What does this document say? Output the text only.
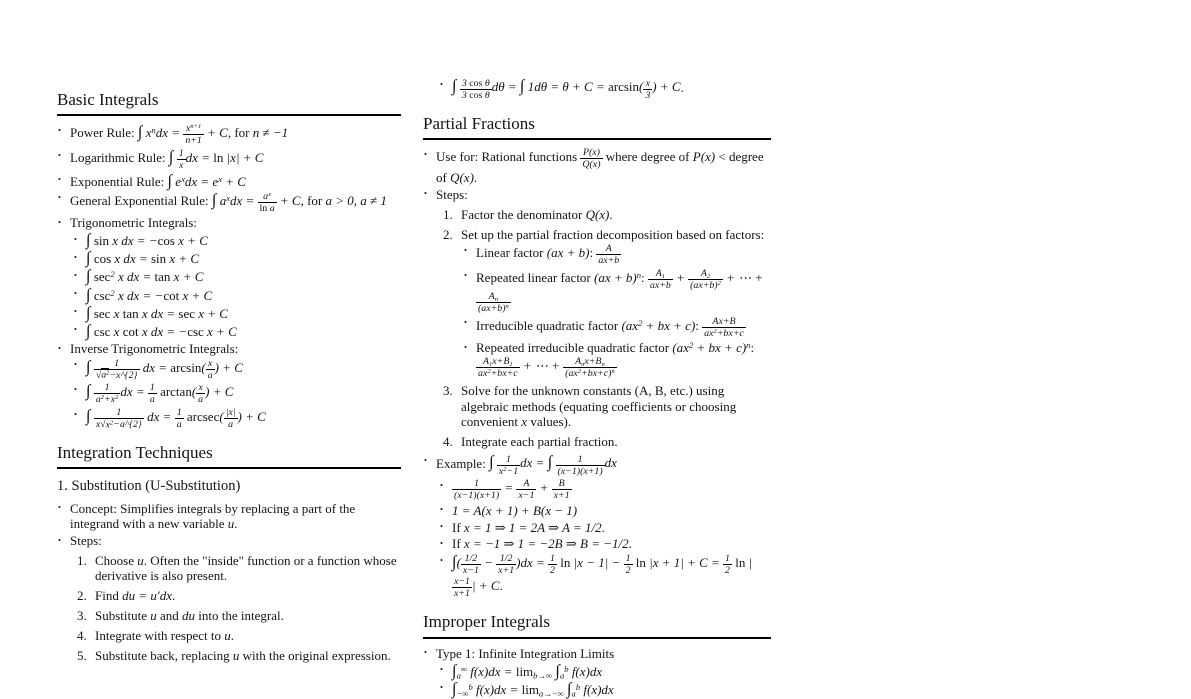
Basic Integrals
• Power Rule: ∫ $x^ndx = \frac{x^{n+1}}{n+1} + C$, for n ≠ −1
• Logarithmic Rule: ∫ $\frac{1}{x}$ dx = ln |x| + C
• Exponential Rule: ∫ $e^xdx = e^x + C$
• General Exponential Rule: ∫ $a^xdx = \frac{a^x}{\text{ln a}} + C$, for a > 0, a ≠ 1
• Trigonometric Integrals:
• ∫ sin x dx = −cos x + C
• ∫ cos x dx = sin x + C
• ∫ $\sec^2 x$ dx = tan x + C
• ∫ $\csc^2 x$ dx = −cot x + C
• ∫ sec x tan x dx = sec x + C
• ∫ csc x cot x dx = −csc x + C
• Inverse Trigonometric Integrals:
• ∫ $\frac{1}{√a^2-x\^{}\{2\}}$ dx = $\arcsin( \frac{x}{a}$ ) + C
• ∫ $\frac{1}{a^2+x^2}$ dx = $\frac{1}{a} \arctan( \frac{x}{a}$ ) + C
• ∫ $\frac{1}{x√x^2-a\^{}\{2\}}$ dx = $\frac{1}{a} arcsec( \frac{|x|}{a}$ ) + C
Integration Techniques
1. Substitution (U-Substitution)
• Concept: Simplifies integrals by replacing a part of the integrand with a new variable u.
• Steps:
Choose u. Often the "inside" function or a function whose derivative is also present.
Find du = u′dx.
Substitute u and du into the integral.
Integrate with respect to u.
Substitute back, replacing u with the original expression.
• ∫ $\frac{\text{3 cos θ}}{\text{3 cos θ}}$ dθ = ∫ $1d\theta = \theta + C = \arcsin( \frac{x}{3}$ ) + C.
Partial Fractions
• Use for: Rational functions $\frac{P(x)}{Q(x)}$ where degree of P(x) < degree of Q(x).
• Steps:
Factor the denominator Q(x).
Set up the partial fraction decomposition based on factors:
• Linear factor (ax + b): $\frac{A}{ax+b}$
• Repeated linear factor (ax + b)$^n$: $\frac{A_1}{ax+b} + \frac{A_2}{(ax+b)^2}$ + ⋯ +
$\frac{A_n}{(ax+b)^n}$
• Irreducible quadratic factor ($ax^2$ + bx + c): $\frac{Ax+B}{ax^2+bx+c}$
• Repeated irreducible quadratic factor ($ax^2$ + bx + c)$^n$:
$\frac{A_1x+B_1}{ax^2+bx+c}$ + ⋯ + $\frac{A_nx+B_n}{(ax^2+bx+c)^n}$
Solve for the unknown constants (A, B, etc.) using algebraic methods (equating coefficients or choosing convenient x values).
Integrate each partial fraction.
• Example: ∫ $\frac{1}{x^2-1}$ dx = ∫ $\frac{1}{(x-1)(x+1)}$ dx
• $\frac{1}{(x-1)(x+1)} = \frac{A}{x-1} + \frac{B}{x+1}$
• 1 = A(x + 1) + B(x − 1)
• If x = 1 ⇒ 1 = 2A ⇒ A = 1/2.
• If x = −1 ⇒ 1 = −2B ⇒ B = −1/2.
• ∫( $\frac{1/2}{x-1} - \frac{1/2}{x+1} )dx = \frac{1}{2}$ $\ln |x - 1| - \frac{1}{2}$ $\ln |x + 1| + C = \frac{1}{2}$ ln |
$\frac{x-1}{x+1}$ | + C.
Improper Integrals
• Type 1: Infinite Integration Limits
• $\int_a^\infty$ $f(x)dx = \lim_{b\to\infty} \int_a^b$ f(x)dx
• $\int_{-\infty}^b$ $f(x)dx = \lim_{a\to-\infty} \int_a^b$ f(x)dx
